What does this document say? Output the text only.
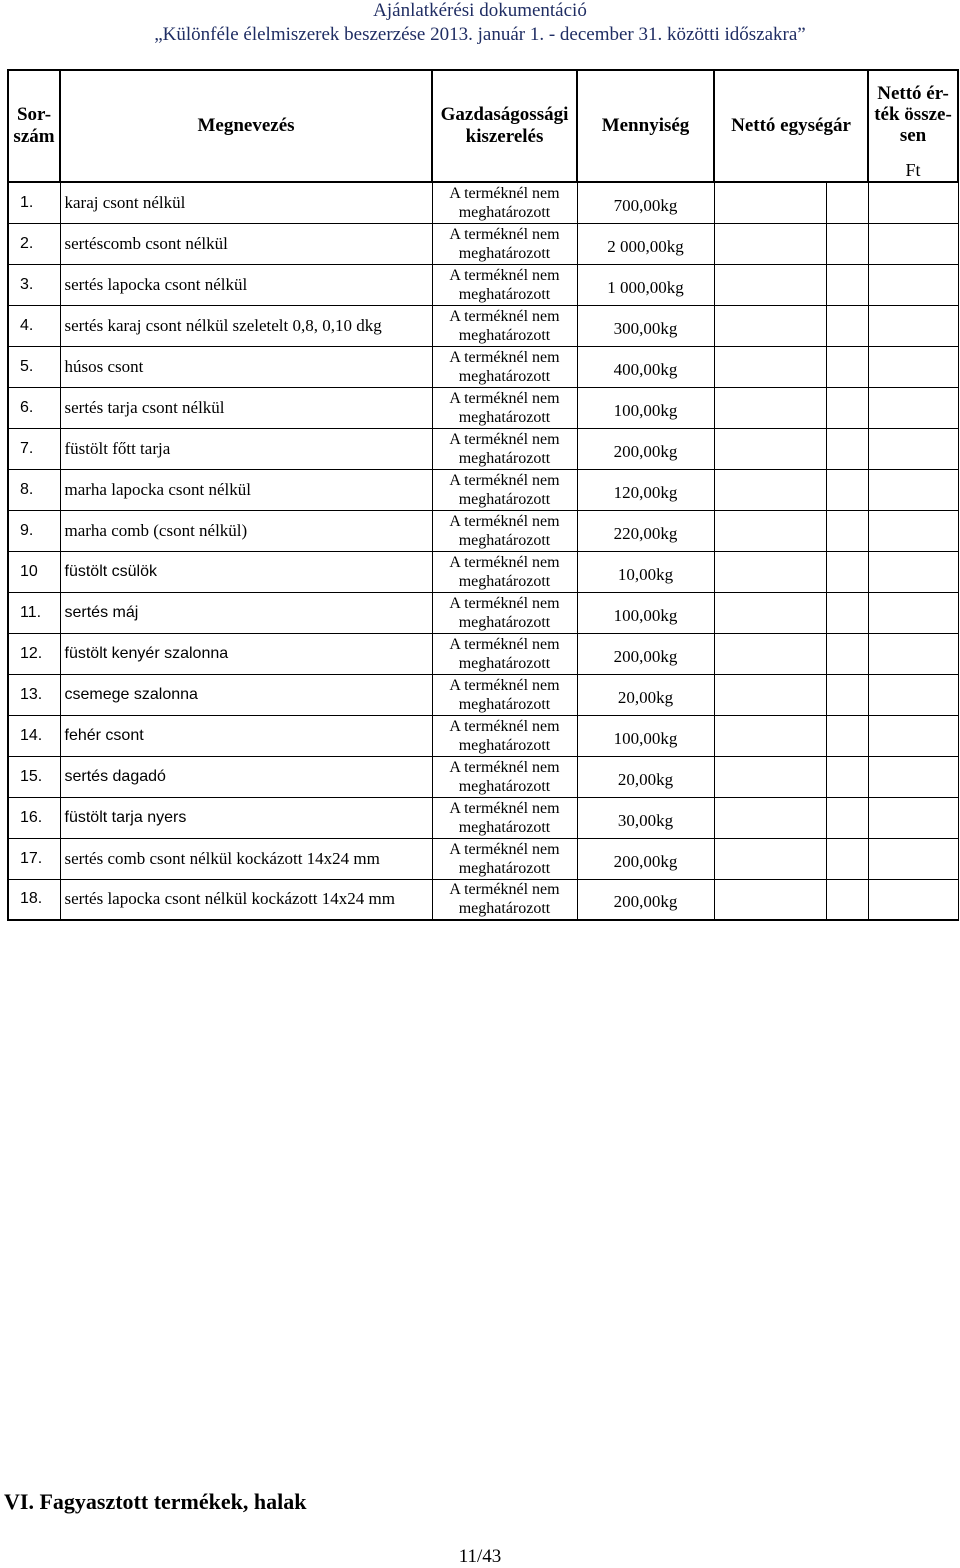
Ajánlatkérési dokumentáció
„Különféle élelmiszerek beszerzése 2013. január 1. - december 31. közötti időszakra”
Sor-
szám	Megnevezés	Gazdaságossági
kiszerelés	Mennyiség	Nettó egységár		Nettó ér-
ték össze-
sen
						Ft
1.	karaj csont nélkül	A terméknél nem meghatározott	700,00kg			
2.	sertéscomb csont nélkül	A terméknél nem meghatározott	2 000,00kg			
3.	sertés lapocka csont nélkül	A terméknél nem meghatározott	1 000,00kg			
4.	sertés karaj csont nélkül szeletelt 0,8, 0,10 dkg	A terméknél nem meghatározott	300,00kg			
5.	húsos csont	A terméknél nem meghatározott	400,00kg			
6.	sertés tarja csont nélkül	A terméknél nem meghatározott	100,00kg			
7.	füstölt főtt tarja	A terméknél nem meghatározott	200,00kg			
8.	marha lapocka csont nélkül	A terméknél nem meghatározott	120,00kg			
9.	marha comb (csont nélkül)	A terméknél nem meghatározott	220,00kg			
10	füstölt csülök	A terméknél nem meghatározott	10,00kg			
11.	sertés máj	A terméknél nem meghatározott	100,00kg			
12.	füstölt kenyér szalonna	A terméknél nem meghatározott	200,00kg			
13.	csemege szalonna	A terméknél nem meghatározott	20,00kg			
14.	fehér csont	A terméknél nem meghatározott	100,00kg			
15.	sertés dagadó	A terméknél nem meghatározott	20,00kg			
16.	füstölt tarja nyers	A terméknél nem meghatározott	30,00kg			
17.	sertés comb csont nélkül kockázott 14x24 mm	A terméknél nem meghatározott	200,00kg			
18.	sertés lapocka csont nélkül kockázott 14x24 mm	A terméknél nem meghatározott	200,00kg			
VI. Fagyasztott termékek, halak
11/43
